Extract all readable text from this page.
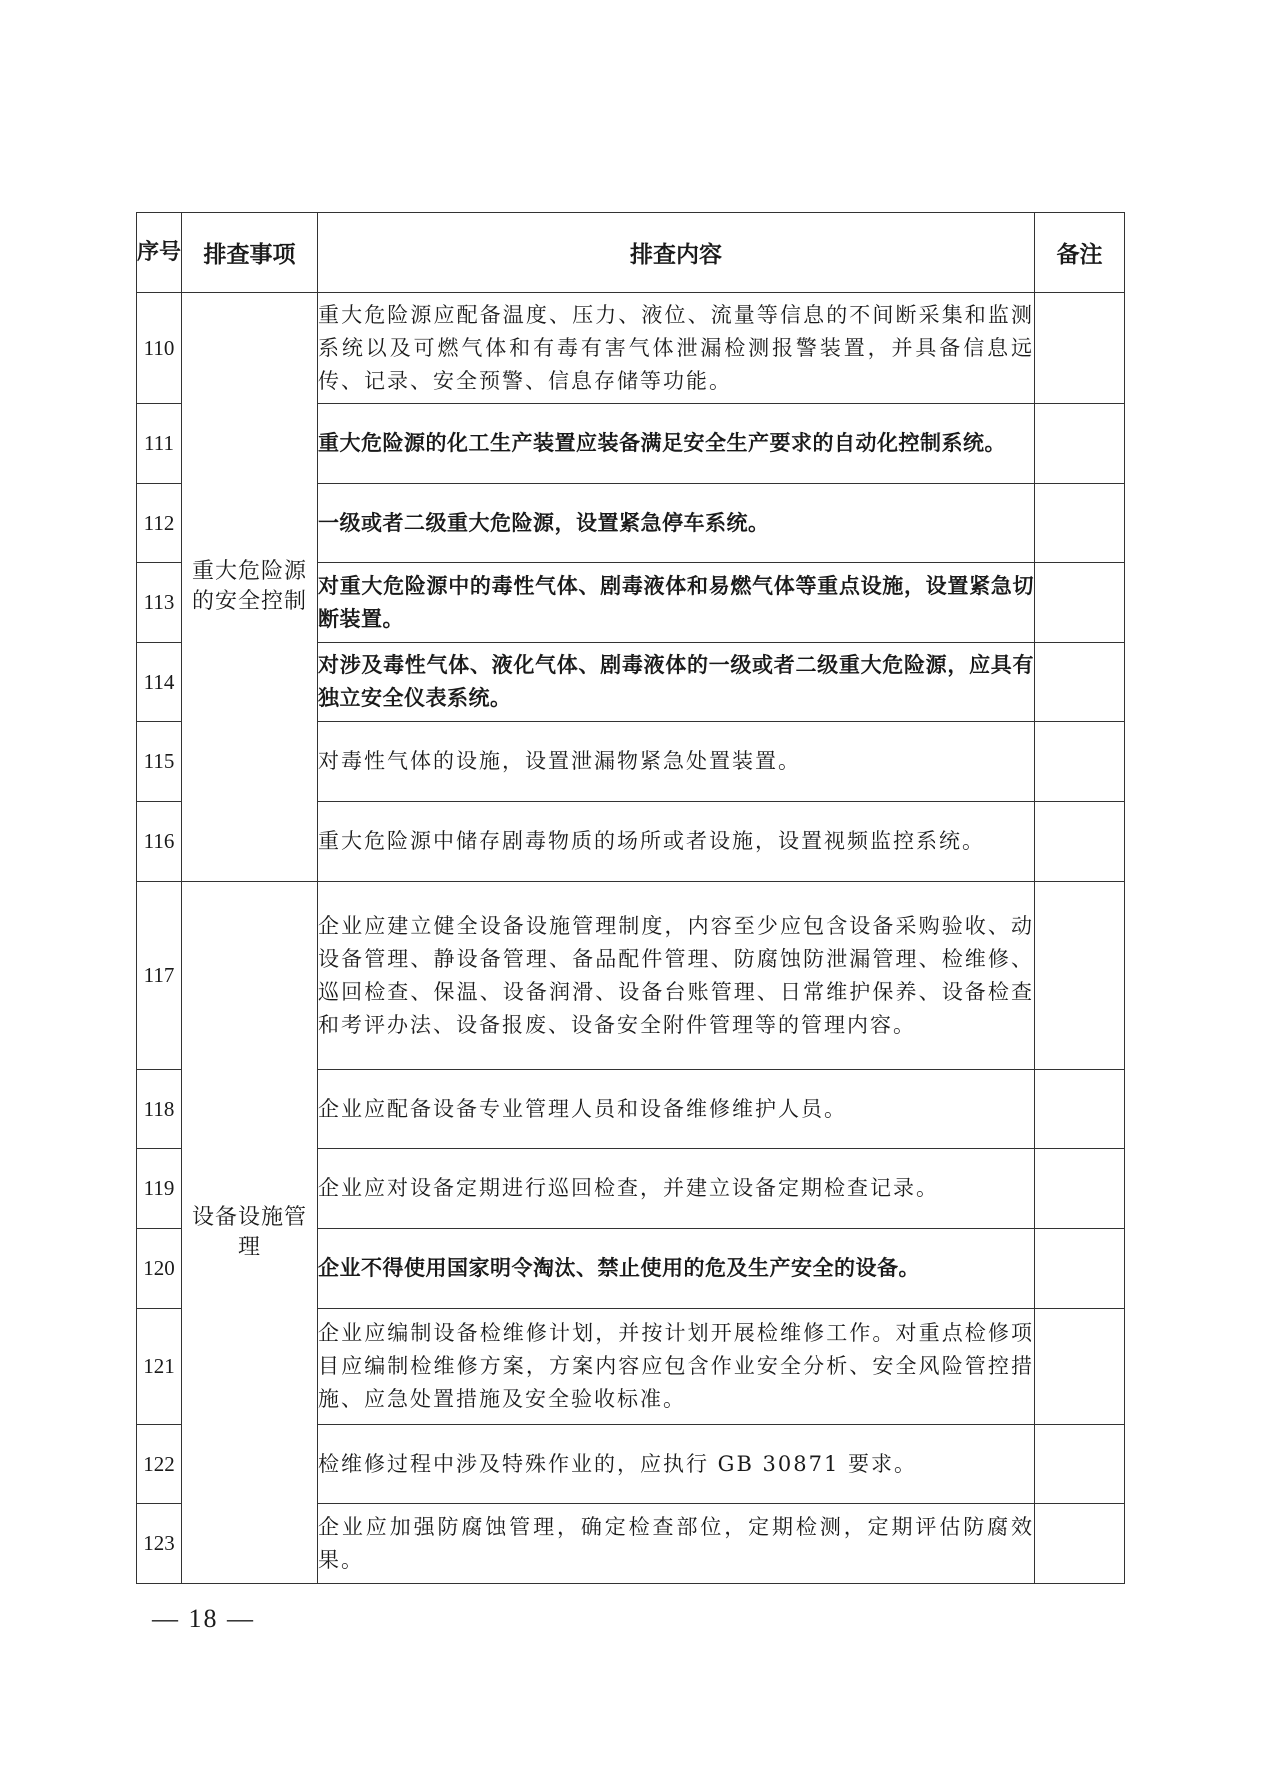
序号	排查事项	排查内容	备注
110	重大危险源的安全控制	重大危险源应配备温度、压力、液位、流量等信息的不间断采集和监测系统以及可燃气体和有毒有害气体泄漏检测报警装置，并具备信息远传、记录、安全预警、信息存储等功能。	
111		重大危险源的化工生产装置应装备满足安全生产要求的自动化控制系统。	
112		一级或者二级重大危险源，设置紧急停车系统。	
113		对重大危险源中的毒性气体、剧毒液体和易燃气体等重点设施，设置紧急切断装置。	
114		对涉及毒性气体、液化气体、剧毒液体的一级或者二级重大危险源，应具有独立安全仪表系统。	
115		对毒性气体的设施，设置泄漏物紧急处置装置。	
116		重大危险源中储存剧毒物质的场所或者设施，设置视频监控系统。	
117	设备设施管理	企业应建立健全设备设施管理制度，内容至少应包含设备采购验收、动设备管理、静设备管理、备品配件管理、防腐蚀防泄漏管理、检维修、巡回检查、保温、设备润滑、设备台账管理、日常维护保养、设备检查和考评办法、设备报废、设备安全附件管理等的管理内容。	
118		企业应配备设备专业管理人员和设备维修维护人员。	
119		企业应对设备定期进行巡回检查，并建立设备定期检查记录。	
120		企业不得使用国家明令淘汰、禁止使用的危及生产安全的设备。	
121		企业应编制设备检维修计划，并按计划开展检维修工作。对重点检修项目应编制检维修方案，方案内容应包含作业安全分析、安全风险管控措施、应急处置措施及安全验收标准。	
122		检维修过程中涉及特殊作业的，应执行 GB 30871 要求。	
123		企业应加强防腐蚀管理，确定检查部位，定期检测，定期评估防腐效果。	
— 18 —
